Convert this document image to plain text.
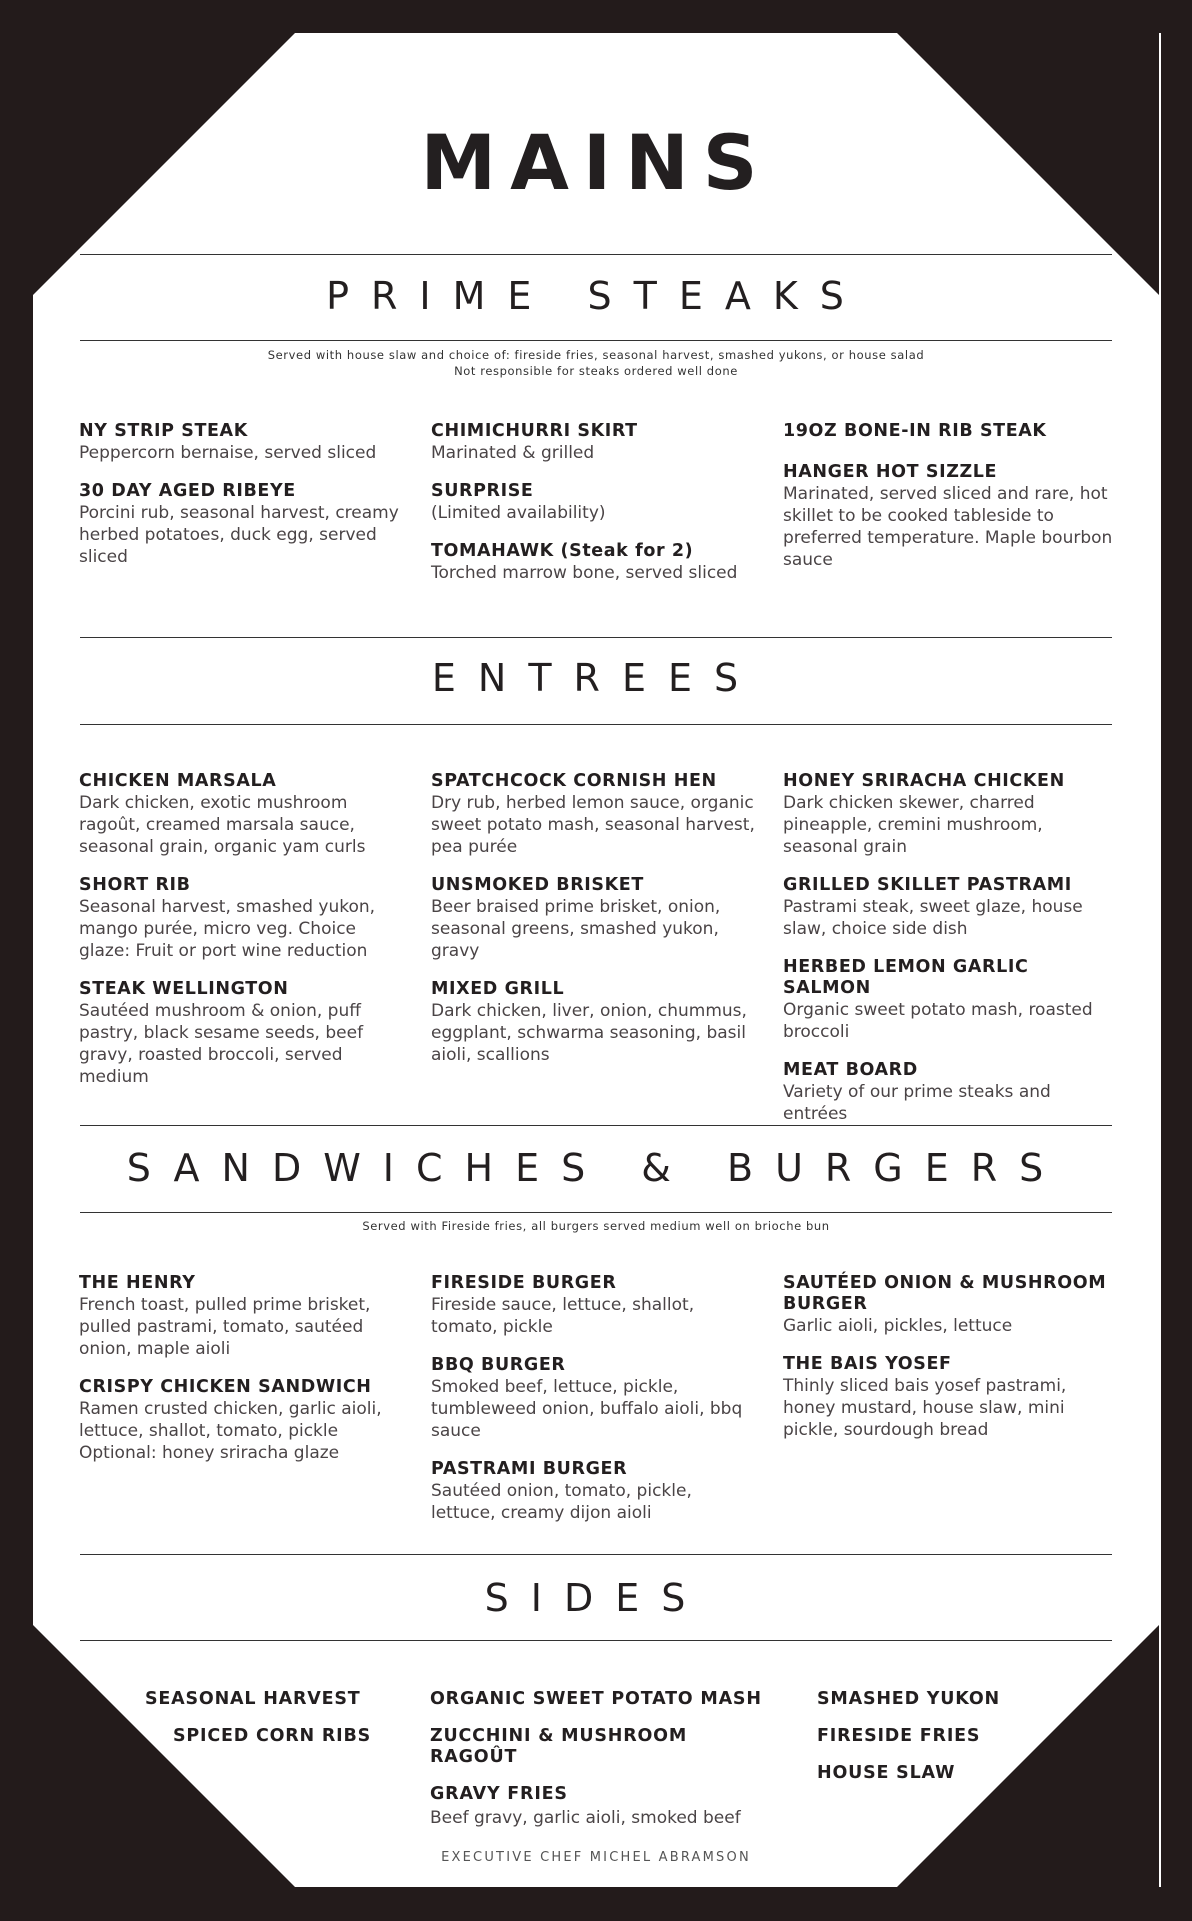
MAINS
PRIME STEAKS
Served with house slaw and choice of: fireside fries, seasonal harvest, smashed yukons, or house salad
Not responsible for steaks ordered well done
NY STRIP STEAK
Peppercorn bernaise, served sliced
30 DAY AGED RIBEYE
Porcini rub, seasonal harvest, creamy herbed potatoes, duck egg, served sliced
CHIMICHURRI SKIRT
Marinated & grilled
SURPRISE
(Limited availability)
TOMAHAWK (Steak for 2)
Torched marrow bone, served sliced
19OZ BONE-IN RIB STEAK
HANGER HOT SIZZLE
Marinated, served sliced and rare, hot skillet to be cooked tableside to preferred temperature. Maple bourbon sauce
ENTREES
CHICKEN MARSALA
Dark chicken, exotic mushroom ragoût, creamed marsala sauce, seasonal grain, organic yam curls
SHORT RIB
Seasonal harvest, smashed yukon, mango purée, micro veg. Choice glaze: Fruit or port wine reduction
STEAK WELLINGTON
Sautéed mushroom & onion, puff pastry, black sesame seeds, beef gravy, roasted broccoli, served medium
SPATCHCOCK CORNISH HEN
Dry rub, herbed lemon sauce, organic sweet potato mash, seasonal harvest, pea purée
UNSMOKED BRISKET
Beer braised prime brisket, onion, seasonal greens, smashed yukon, gravy
MIXED GRILL
Dark chicken, liver, onion, chummus, eggplant, schwarma seasoning, basil aioli, scallions
HONEY SRIRACHA CHICKEN
Dark chicken skewer, charred pineapple, cremini mushroom, seasonal grain
GRILLED SKILLET PASTRAMI
Pastrami steak, sweet glaze, house slaw, choice side dish
HERBED LEMON GARLIC SALMON
Organic sweet potato mash, roasted broccoli
MEAT BOARD
Variety of our prime steaks and entrées
SANDWICHES & BURGERS
Served with Fireside fries, all burgers served medium well on brioche bun
THE HENRY
French toast, pulled prime brisket, pulled pastrami, tomato, sautéed onion, maple aioli
CRISPY CHICKEN SANDWICH
Ramen crusted chicken, garlic aioli, lettuce, shallot, tomato, pickle Optional: honey sriracha glaze
FIRESIDE BURGER
Fireside sauce, lettuce, shallot, tomato, pickle
BBQ BURGER
Smoked beef, lettuce, pickle, tumbleweed onion, buffalo aioli, bbq sauce
PASTRAMI BURGER
Sautéed onion, tomato, pickle, lettuce, creamy dijon aioli
SAUTÉED ONION & MUSHROOM BURGER
Garlic aioli, pickles, lettuce
THE BAIS YOSEF
Thinly sliced bais yosef pastrami, honey mustard, house slaw, mini pickle, sourdough bread
SIDES
SEASONAL HARVEST
SPICED CORN RIBS
ORGANIC SWEET POTATO MASH
ZUCCHINI & MUSHROOM RAGOÛT
GRAVY FRIES
Beef gravy, garlic aioli, smoked beef
SMASHED YUKON
FIRESIDE FRIES
HOUSE SLAW
EXECUTIVE CHEF MICHEL ABRAMSON
